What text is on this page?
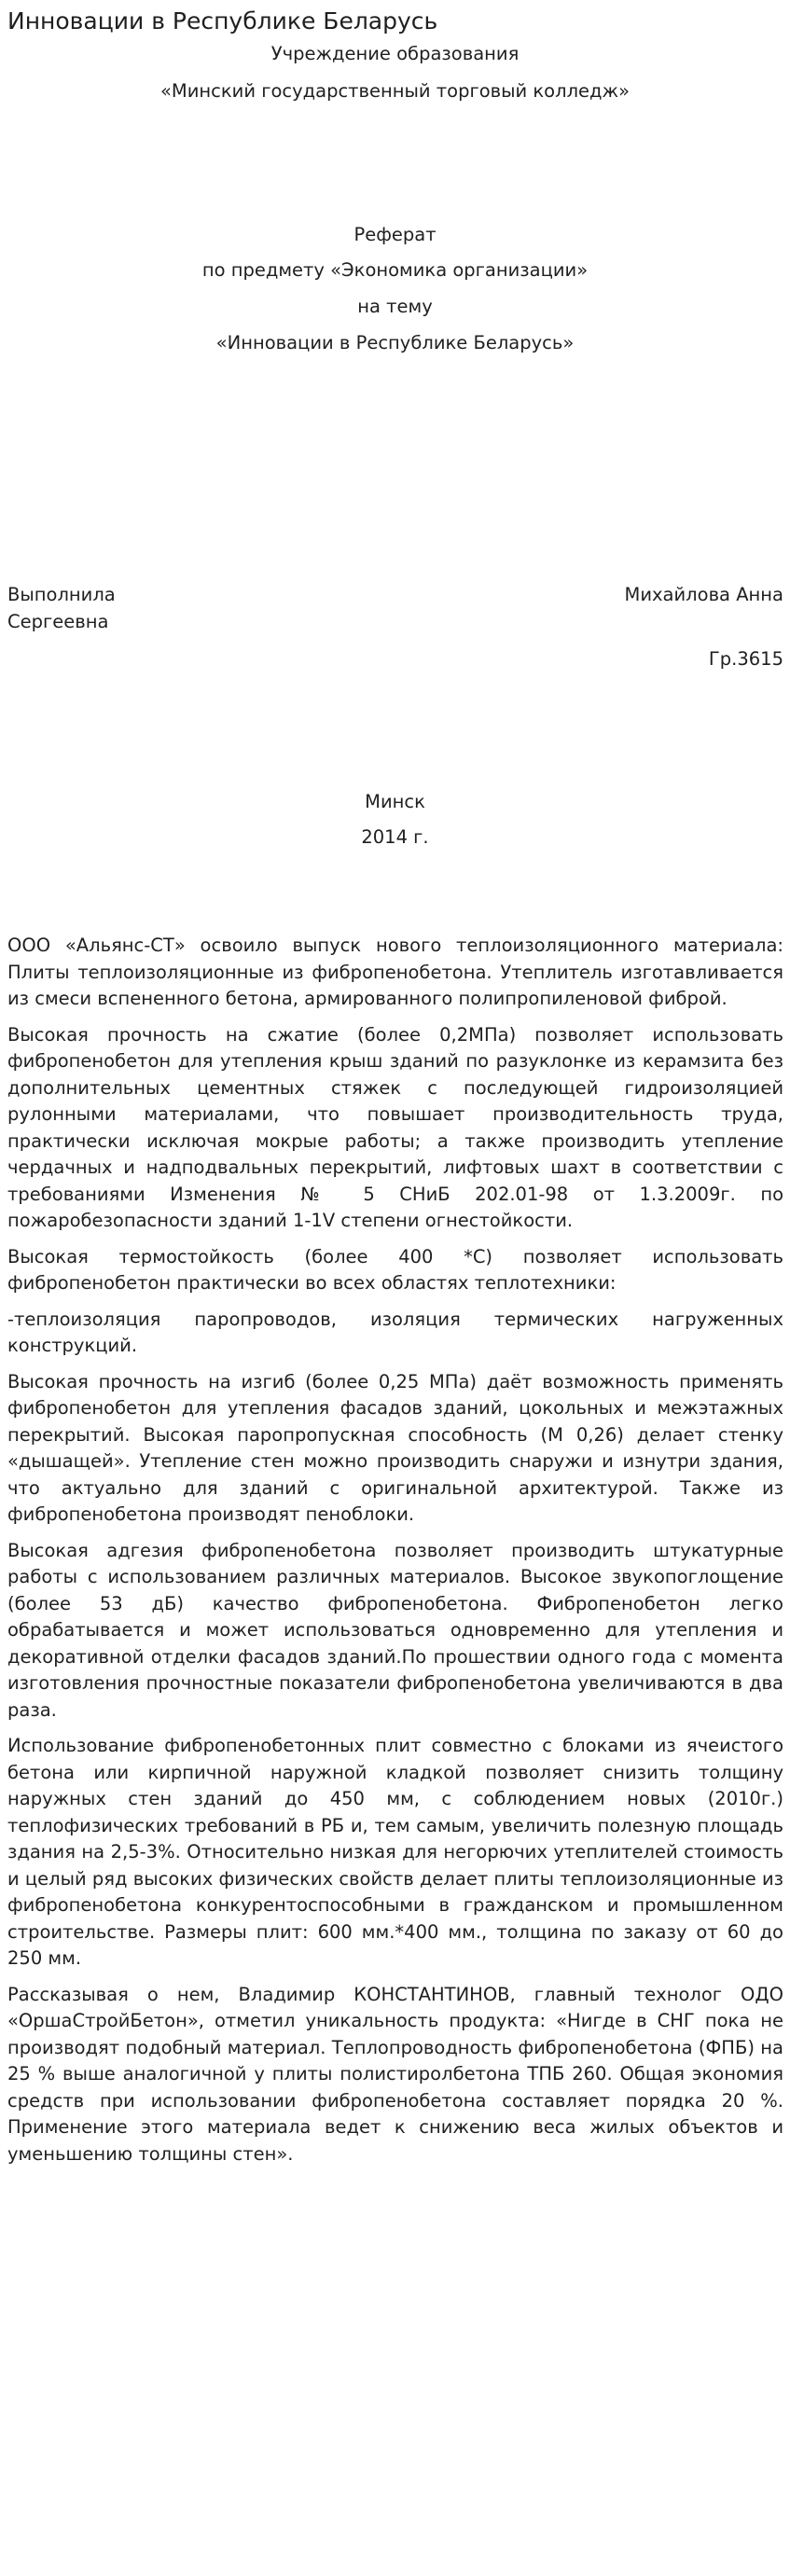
Инновации в Республике Беларусь

Учреждение образования

«Минский государственный торговый колледж»

Реферат

по предмету «Экономика организации»

на тему

«Инновации в Республике Беларусь»

Выполнила	Михайлова Анна

Сергеевна

Гр.3615

Минск

2014 г.

ООО «Альянс-СТ» освоило выпуск нового теплоизоляционного материала: Плиты теплоизоляционные из фибропенобетона. Утеплитель изготавливается из смеси вспененного бетона, армированного полипропиленовой фиброй.

Высокая прочность на сжатие (более 0,2МПа) позволяет использовать фибропенобетон для утепления крыш зданий по разуклонке из керамзита без дополнительных цементных стяжек с последующей гидроизоляцией рулонными материалами, что повышает производительность труда, практически исключая мокрые работы; а также производить утепление чердачных и надподвальных перекрытий, лифтовых шахт в соответствии с требованиями Изменения № 5 СНиБ 202.01-98 от 1.3.2009г. по пожаробезопасности зданий 1-1V степени огнестойкости.

Высокая термостойкость (более 400 *С) позволяет использовать фибропенобетон практически во всех областях теплотехники:

-теплоизоляция паропроводов, изоляция термических нагруженных конструкций.

Высокая прочность на изгиб (более 0,25 МПа) даёт возможность применять фибропенобетон для утепления фасадов зданий, цокольных и межэтажных перекрытий. Высокая паропропускная способность (М 0,26) делает стенку «дышащей». Утепление стен можно производить снаружи и изнутри здания, что актуально для зданий с оригинальной архитектурой. Также из фибропенобетона производят пеноблоки.

Высокая адгезия фибропенобетона позволяет производить штукатурные работы с использованием различных материалов. Высокое звукопоглощение (более 53 дБ) качество фибропенобетона. Фибропенобетон легко обрабатывается и может использоваться одновременно для утепления и декоративной отделки фасадов зданий.По прошествии одного года с момента изготовления прочностные показатели фибропенобетона увеличиваются в два раза.

Использование фибропенобетонных плит совместно с блоками из ячеистого бетона или кирпичной наружной кладкой позволяет снизить толщину наружных стен зданий до 450 мм, с соблюдением новых (2010г.) теплофизических требований в РБ и, тем самым, увеличить полезную площадь здания на 2,5-3%. Относительно низкая для негорючих утеплителей стоимость и целый ряд высоких физических свойств делает плиты теплоизоляционные из фибропенобетона конкурентоспособными в гражданском и промышленном строительстве. Размеры плит: 600 мм.*400 мм., толщина по заказу от 60 до 250 мм.

Рассказывая о нем, Владимир КОНСТАНТИНОВ, главный технолог ОДО «ОршаСтройБетон», отметил уникальность продукта: «Нигде в СНГ пока не производят подобный материал. Теплопроводность фибропенобетона (ФПБ) на 25 % выше аналогичной у плиты полистиролбетона ТПБ 260. Общая экономия средств при использовании фибропенобетона составляет порядка 20 %. Применение этого материала ведет к снижению веса жилых объектов и уменьшению толщины стен».
